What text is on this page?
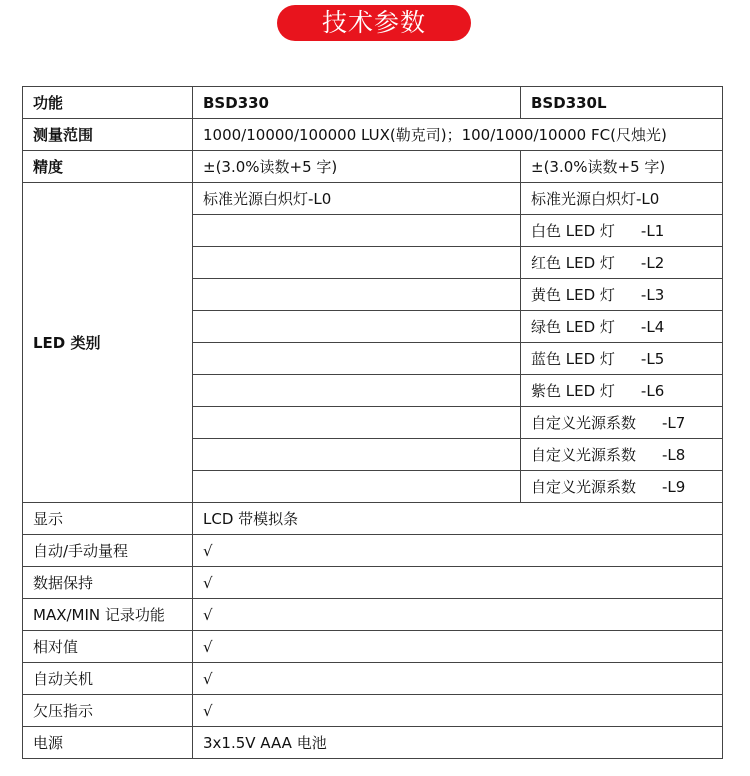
技术参数
功能	BSD330	BSD330L
测量范围	1000/10000/100000 LUX(勒克司)；100/1000/10000 FC(尺烛光)	
精度	±(3.0%读数+5 字)	±(3.0%读数+5 字)
LED 类别	标准光源白炽灯-L0	标准光源白炽灯-L0
		白色 LED 灯 -L1
		红色 LED 灯 -L2
		黄色 LED 灯 -L3
		绿色 LED 灯 -L4
		蓝色 LED 灯 -L5
		紫色 LED 灯 -L6
		自定义光源系数 -L7
		自定义光源系数 -L8
		自定义光源系数 -L9
显示	LCD 带模拟条	
自动/手动量程	√	
数据保持	√	
MAX/MIN 记录功能	√	
相对值	√	
自动关机	√	
欠压指示	√	
电源	3x1.5V AAA 电池	
